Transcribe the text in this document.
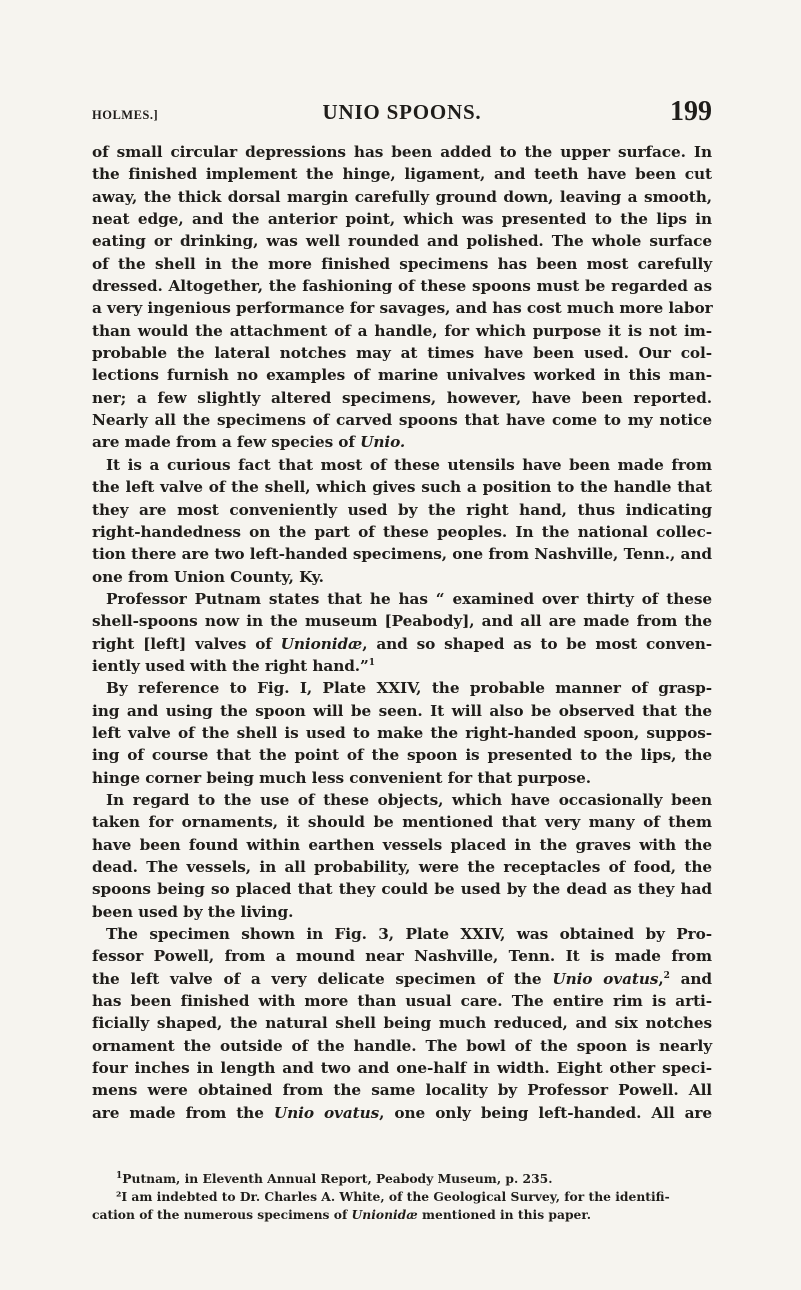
HOLMES.]	UNIO SPOONS.	199
of small circular depressions has been added to the upper surface. In
the finished implement the hinge, ligament, and teeth have been cut
away, the thick dorsal margin carefully ground down, leaving a smooth,
neat edge, and the anterior point, which was presented to the lips in
eating or drinking, was well rounded and polished. The whole surface
of the shell in the more finished specimens has been most carefully
dressed. Altogether, the fashioning of these spoons must be regarded as
a very ingenious performance for savages, and has cost much more labor
than would the attachment of a handle, for which purpose it is not im-
probable the lateral notches may at times have been used. Our col-
lections furnish no examples of marine univalves worked in this man-
ner; a few slightly altered specimens, however, have been reported.
Nearly all the specimens of carved spoons that have come to my notice
are made from a few species of Unio.
It is a curious fact that most of these utensils have been made from
the left valve of the shell, which gives such a position to the handle that
they are most conveniently used by the right hand, thus indicating
right-handedness on the part of these peoples. In the national collec-
tion there are two left-handed specimens, one from Nashville, Tenn., and
one from Union County, Ky.
Professor Putnam states that he has “ examined over thirty of these
shell-spoons now in the museum [Peabody], and all are made from the
right [left] valves of Unionidæ, and so shaped as to be most conven-
iently used with the right hand.”$^1$
By reference to Fig. I, Plate XXIV, the probable manner of grasp-
ing and using the spoon will be seen. It will also be observed that the
left valve of the shell is used to make the right-handed spoon, suppos-
ing of course that the point of the spoon is presented to the lips, the
hinge corner being much less convenient for that purpose.
In regard to the use of these objects, which have occasionally been
taken for ornaments, it should be mentioned that very many of them
have been found within earthen vessels placed in the graves with the
dead. The vessels, in all probability, were the receptacles of food, the
spoons being so placed that they could be used by the dead as they had
been used by the living.
The specimen shown in Fig. 3, Plate XXIV, was obtained by Pro-
fessor Powell, from a mound near Nashville, Tenn. It is made from
the left valve of a very delicate specimen of the Unio ovatus,$^2$ and
has been finished with more than usual care. The entire rim is arti-
ficially shaped, the natural shell being much reduced, and six notches
ornament the outside of the handle. The bowl of the spoon is nearly
four inches in length and two and one-half in width. Eight other speci-
mens were obtained from the same locality by Professor Powell. All
are made from the Unio ovatus, one only being left-handed. All are
$^1$Putnam, in Eleventh Annual Report, Peabody Museum, p. 235.
²I am indebted to Dr. Charles A. White, of the Geological Survey, for the identifi-
cation of the numerous specimens of Unionidæ mentioned in this paper.
